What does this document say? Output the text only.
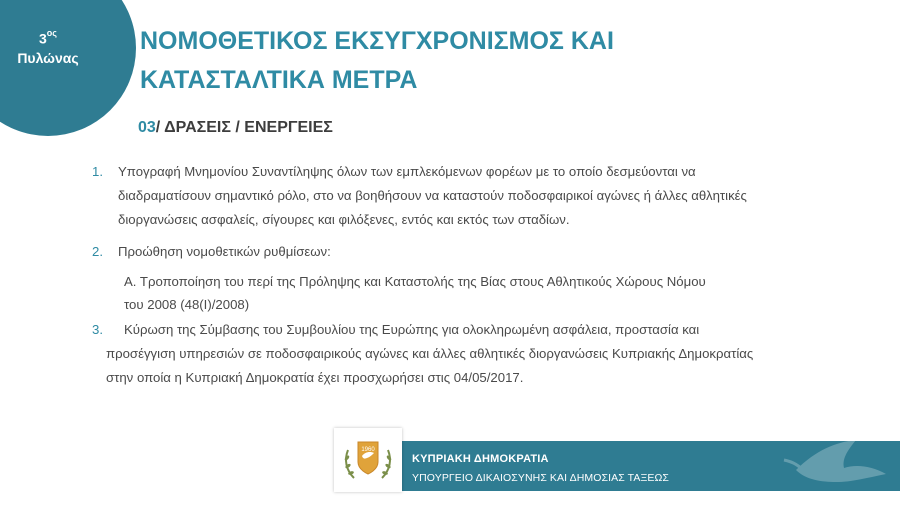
$3^{o\varsigma}$
Πυλώνας
ΝΟΜΟΘΕΤΙΚΟΣ ΕΚΣΥΓΧΡΟΝΙΣΜΟΣ ΚΑΙ
ΚΑΤΑΣΤΑΛΤΙΚΑ ΜΕΤΡΑ
03/ ΔΡΑΣΕΙΣ / ΕΝΕΡΓΕΙΕΣ
1. Υπογραφή Μνημονίου Συναντίληψης όλων των εμπλεκόμενων φορέων με το οποίο δεσμεύονται να
διαδραματίσουν σημαντικό ρόλο, στο να βοηθήσουν να καταστούν ποδοσφαιρικοί αγώνες ή άλλες αθλητικές
διοργανώσεις ασφαλείς, σίγουρες και φιλόξενες, εντός και εκτός των σταδίων.
2. Προώθηση νομοθετικών ρυθμίσεων:
Α. Τροποποίηση του περί της Πρόληψης και Καταστολής της Βίας στους Αθλητικούς Χώρους Νόμου
του 2008 (48(Ι)/2008)
3. Κύρωση της Σύμβασης του Συμβουλίου της Ευρώπης για ολοκληρωμένη ασφάλεια, προστασία και
προσέγγιση υπηρεσιών σε ποδοσφαιρικούς αγώνες και άλλες αθλητικές διοργανώσεις Κυπριακής Δημοκρατίας
στην οποία η Κυπριακή Δημοκρατία έχει προσχωρήσει στις 04/05/2017.
1960
ΚΥΠΡΙΑΚΗ ΔΗΜΟΚΡΑΤΙΑ
ΥΠΟΥΡΓΕΙΟ ΔΙΚΑΙΟΣΥΝΗΣ ΚΑΙ ΔΗΜΟΣΙΑΣ ΤΑΞΕΩΣ
